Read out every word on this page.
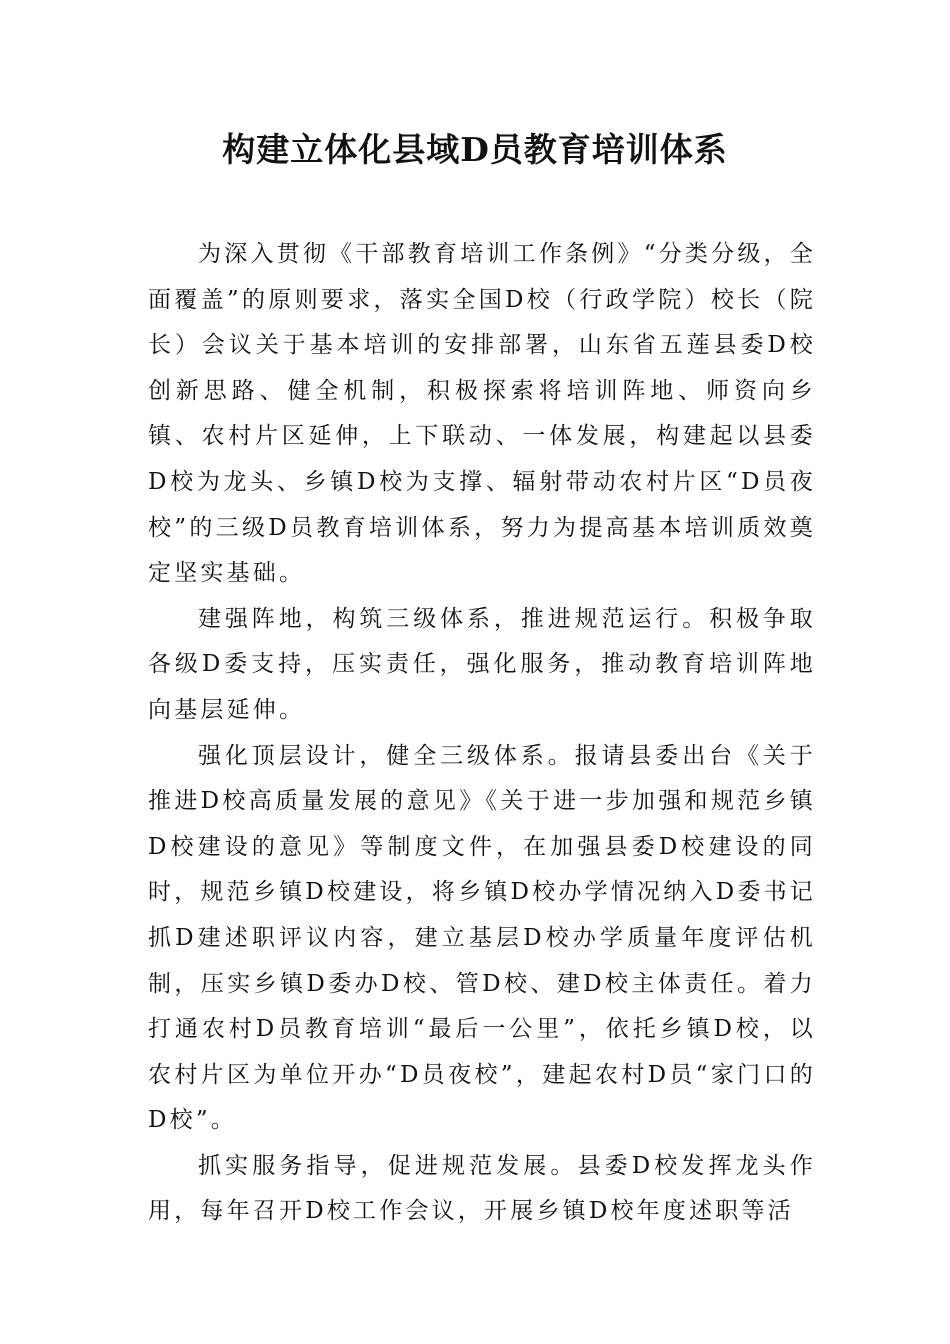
构建立体化县域D员教育培训体系

为深入贯彻《干部教育培训工作条例》“分类分级，全面覆盖”的原则要求，落实全国D校（行政学院）校长（院长）会议关于基本培训的安排部署，山东省五莲县委D校创新思路、健全机制，积极探索将培训阵地、师资向乡镇、农村片区延伸，上下联动、一体发展，构建起以县委D校为龙头、乡镇D校为支撑、辐射带动农村片区“D员夜校”的三级D员教育培训体系，努力为提高基本培训质效奠定坚实基础。

建强阵地，构筑三级体系，推进规范运行。积极争取各级D委支持，压实责任，强化服务，推动教育培训阵地向基层延伸。

强化顶层设计，健全三级体系。报请县委出台《关于推进D校高质量发展的意见》《关于进一步加强和规范乡镇D校建设的意见》等制度文件，在加强县委D校建设的同时，规范乡镇D校建设，将乡镇D校办学情况纳入D委书记抓D建述职评议内容，建立基层D校办学质量年度评估机制，压实乡镇D委办D校、管D校、建D校主体责任。着力打通农村D员教育培训“最后一公里”，依托乡镇D校，以农村片区为单位开办“D员夜校”，建起农村D员“家门口的D校”。

抓实服务指导，促进规范发展。县委D校发挥龙头作用，每年召开D校工作会议，开展乡镇D校年度述职等活
